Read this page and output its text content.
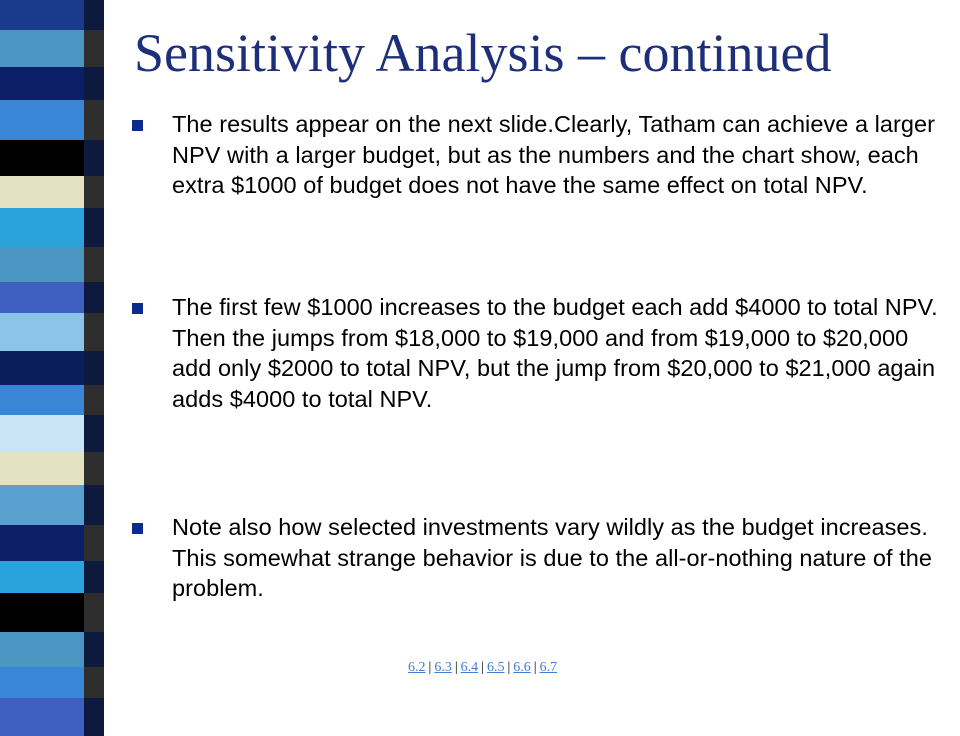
Sensitivity Analysis – continued

The results appear on the next slide.Clearly, Tatham can achieve a larger NPV with a larger budget, but as the numbers and the chart show, each extra $1000 of budget does not have the same effect on total NPV.

The first few $1000 increases to the budget each add $4000 to total NPV. Then the jumps from $18,000 to $19,000 and from $19,000 to $20,000 add only $2000 to total NPV, but the jump from $20,000 to $21,000 again adds $4000 to total NPV.

Note also how selected investments vary wildly as the budget increases. This somewhat strange behavior is due to the all-or-nothing nature of the problem.

6.2 | 6.3 | 6.4 | 6.5 | 6.6 | 6.7
